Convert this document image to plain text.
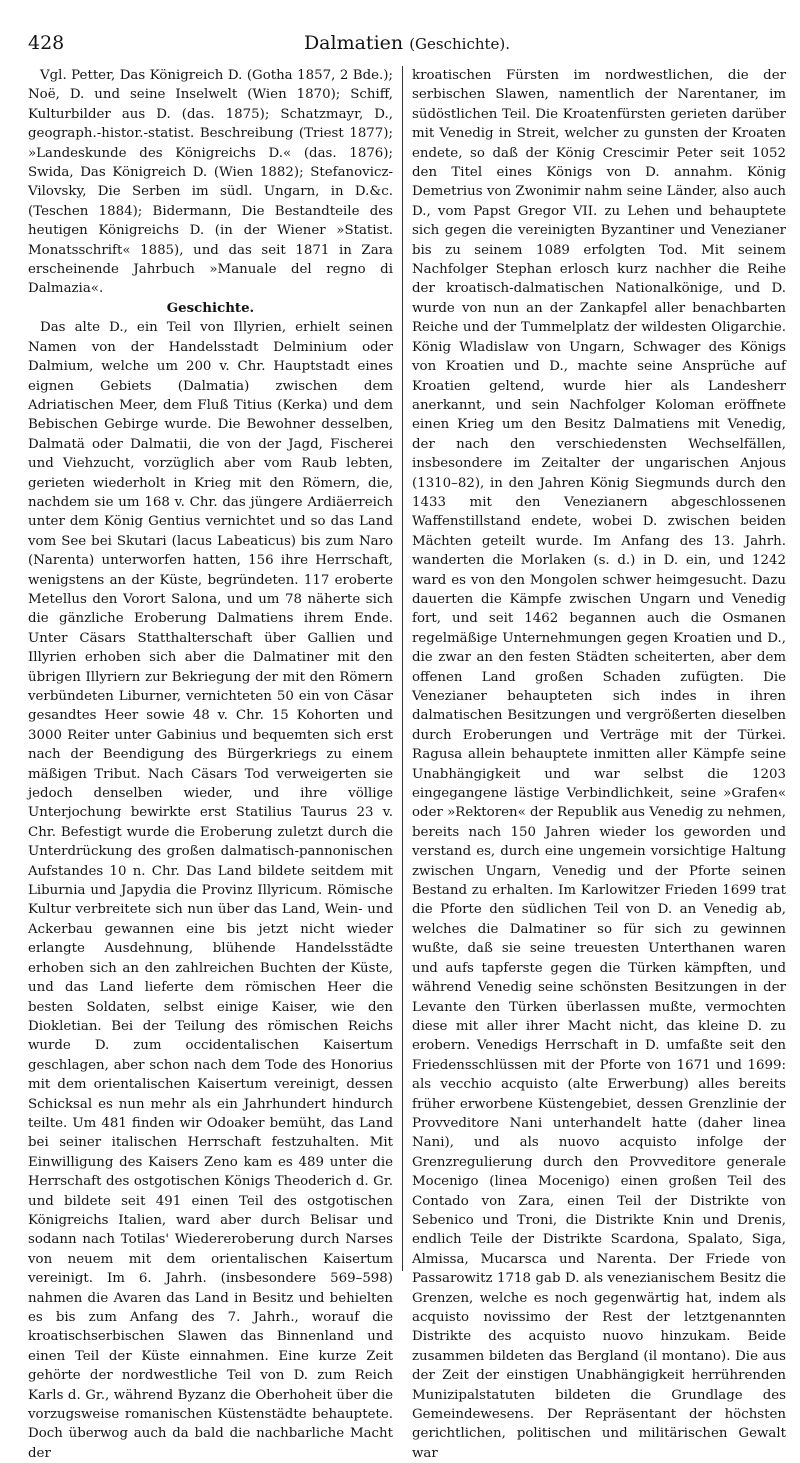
428	Dalmatien (Geschichte).

Vgl. Petter, Das Königreich D. (Gotha 1857, 2 Bde.); Noë, D. und seine Inselwelt (Wien 1870); Schiff, Kulturbilder aus D. (das. 1875); Schatzmayr, D., geograph.-histor.-statist. Beschreibung (Triest 1877); »Landeskunde des Königreichs D.« (das. 1876); Swida, Das Königreich D. (Wien 1882); Stefanovicz-Vilovsky, Die Serben im südl. Ungarn, in D.&c. (Teschen 1884); Bidermann, Die Bestandteile des heutigen Königreichs D. (in der Wiener »Statist. Monatsschrift« 1885), und das seit 1871 in Zara erscheinende Jahrbuch »Manuale del regno di Dalmazia«.

Geschichte.

Das alte D., ein Teil von Illyrien, erhielt seinen Namen von der Handelsstadt Delminium oder Dalmium, welche um 200 v. Chr. Hauptstadt eines eignen Gebiets (Dalmatia) zwischen dem Adriatischen Meer, dem Fluß Titius (Kerka) und dem Bebischen Gebirge wurde. Die Bewohner desselben, Dalmatä oder Dalmatii, die von der Jagd, Fischerei und Viehzucht, vorzüglich aber vom Raub lebten, gerieten wiederholt in Krieg mit den Römern, die, nachdem sie um 168 v. Chr. das jüngere Ardiäerreich unter dem König Gentius vernichtet und so das Land vom See bei Skutari (lacus Labeaticus) bis zum Naro (Narenta) unterworfen hatten, 156 ihre Herrschaft, wenigstens an der Küste, begründeten. 117 eroberte Metellus den Vorort Salona, und um 78 näherte sich die gänzliche Eroberung Dalmatiens ihrem Ende. Unter Cäsars Statthalterschaft über Gallien und Illyrien erhoben sich aber die Dalmatiner mit den übrigen Illyriern zur Bekriegung der mit den Römern verbündeten Liburner, vernichteten 50 ein von Cäsar gesandtes Heer sowie 48 v. Chr. 15 Kohorten und 3000 Reiter unter Gabinius und bequemten sich erst nach der Beendigung des Bürgerkriegs zu einem mäßigen Tribut. Nach Cäsars Tod verweigerten sie jedoch denselben wieder, und ihre völlige Unterjochung bewirkte erst Statilius Taurus 23 v. Chr. Befestigt wurde die Eroberung zuletzt durch die Unterdrückung des großen dalmatisch-pannonischen Aufstandes 10 n. Chr. Das Land bildete seitdem mit Liburnia und Japydia die Provinz Illyricum. Römische Kultur verbreitete sich nun über das Land, Wein- und Ackerbau gewannen eine bis jetzt nicht wieder erlangte Ausdehnung, blühende Handelsstädte erhoben sich an den zahlreichen Buchten der Küste, und das Land lieferte dem römischen Heer die besten Soldaten, selbst einige Kaiser, wie den Diokletian. Bei der Teilung des römischen Reichs wurde D. zum occidentalischen Kaisertum geschlagen, aber schon nach dem Tode des Honorius mit dem orientalischen Kaisertum vereinigt, dessen Schicksal es nun mehr als ein Jahrhundert hindurch teilte. Um 481 finden wir Odoaker bemüht, das Land bei seiner italischen Herrschaft festzuhalten. Mit Einwilligung des Kaisers Zeno kam es 489 unter die Herrschaft des ostgotischen Königs Theoderich d. Gr. und bildete seit 491 einen Teil des ostgotischen Königreichs Italien, ward aber durch Belisar und sodann nach Totilas' Wiedereroberung durch Narses von neuem mit dem orientalischen Kaisertum vereinigt. Im 6. Jahrh. (insbesondere 569–598) nahmen die Avaren das Land in Besitz und behielten es bis zum Anfang des 7. Jahrh., worauf die kroatischserbischen Slawen das Binnenland und einen Teil der Küste einnahmen. Eine kurze Zeit gehörte der nordwestliche Teil von D. zum Reich Karls d. Gr., während Byzanz die Oberhoheit über die vorzugsweise romanischen Küstenstädte behauptete. Doch überwog auch da bald die nachbarliche Macht der

kroatischen Fürsten im nordwestlichen, die der serbischen Slawen, namentlich der Narentaner, im südöstlichen Teil. Die Kroatenfürsten gerieten darüber mit Venedig in Streit, welcher zu gunsten der Kroaten endete, so daß der König Crescimir Peter seit 1052 den Titel eines Königs von D. annahm. König Demetrius von Zwonimir nahm seine Länder, also auch D., vom Papst Gregor VII. zu Lehen und behauptete sich gegen die vereinigten Byzantiner und Venezianer bis zu seinem 1089 erfolgten Tod. Mit seinem Nachfolger Stephan erlosch kurz nachher die Reihe der kroatisch-dalmatischen Nationalkönige, und D. wurde von nun an der Zankapfel aller benachbarten Reiche und der Tummelplatz der wildesten Oligarchie. König Wladislaw von Ungarn, Schwager des Königs von Kroatien und D., machte seine Ansprüche auf Kroatien geltend, wurde hier als Landesherr anerkannt, und sein Nachfolger Koloman eröffnete einen Krieg um den Besitz Dalmatiens mit Venedig, der nach den verschiedensten Wechselfällen, insbesondere im Zeitalter der ungarischen Anjous (1310–82), in den Jahren König Siegmunds durch den 1433 mit den Venezianern abgeschlossenen Waffenstillstand endete, wobei D. zwischen beiden Mächten geteilt wurde. Im Anfang des 13. Jahrh. wanderten die Morlaken (s. d.) in D. ein, und 1242 ward es von den Mongolen schwer heimgesucht. Dazu dauerten die Kämpfe zwischen Ungarn und Venedig fort, und seit 1462 begannen auch die Osmanen regelmäßige Unternehmungen gegen Kroatien und D., die zwar an den festen Städten scheiterten, aber dem offenen Land großen Schaden zufügten. Die Venezianer behaupteten sich indes in ihren dalmatischen Besitzungen und vergrößerten dieselben durch Eroberungen und Verträge mit der Türkei. Ragusa allein behauptete inmitten aller Kämpfe seine Unabhängigkeit und war selbst die 1203 eingegangene lästige Verbindlichkeit, seine »Grafen« oder »Rektoren« der Republik aus Venedig zu nehmen, bereits nach 150 Jahren wieder los geworden und verstand es, durch eine ungemein vorsichtige Haltung zwischen Ungarn, Venedig und der Pforte seinen Bestand zu erhalten. Im Karlowitzer Frieden 1699 trat die Pforte den südlichen Teil von D. an Venedig ab, welches die Dalmatiner so für sich zu gewinnen wußte, daß sie seine treuesten Unterthanen waren und aufs tapferste gegen die Türken kämpften, und während Venedig seine schönsten Besitzungen in der Levante den Türken überlassen mußte, vermochten diese mit aller ihrer Macht nicht, das kleine D. zu erobern. Venedigs Herrschaft in D. umfaßte seit den Friedensschlüssen mit der Pforte von 1671 und 1699: als vecchio acquisto (alte Erwerbung) alles bereits früher erworbene Küstengebiet, dessen Grenzlinie der Provveditore Nani unterhandelt hatte (daher linea Nani), und als nuovo acquisto infolge der Grenzregulierung durch den Provveditore generale Mocenigo (linea Mocenigo) einen großen Teil des Contado von Zara, einen Teil der Distrikte von Sebenico und Troni, die Distrikte Knin und Drenis, endlich Teile der Distrikte Scardona, Spalato, Siga, Almissa, Mucarsca und Narenta. Der Friede von Passarowitz 1718 gab D. als venezianischem Besitz die Grenzen, welche es noch gegenwärtig hat, indem als acquisto novissimo der Rest der letztgenannten Distrikte des acquisto nuovo hinzukam. Beide zusammen bildeten das Bergland (il montano). Die aus der Zeit der einstigen Unabhängigkeit herrührenden Munizipalstatuten bildeten die Grundlage des Gemeindewesens. Der Repräsentant der höchsten gerichtlichen, politischen und militärischen Gewalt war
